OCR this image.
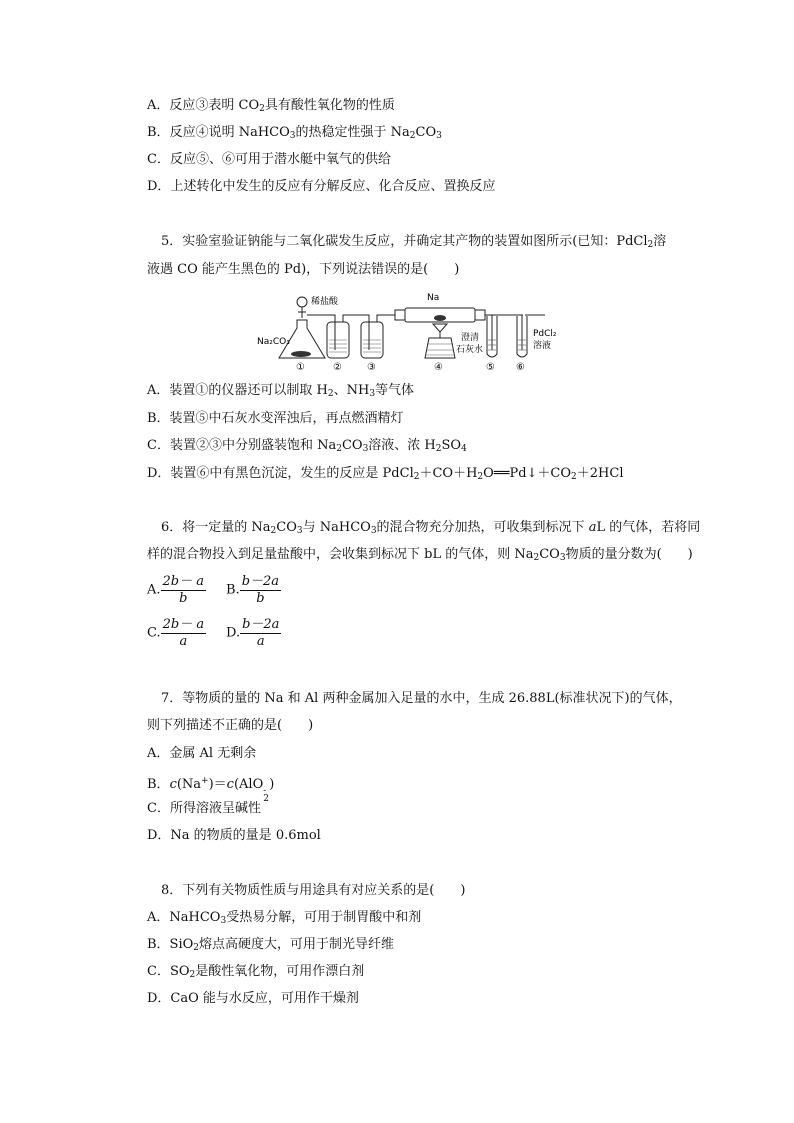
A．反应③表明 $CO_2$具有酸性氧化物的性质
B．反应④说明 NaHCO$_3$的热稳定性强于 $Na_2CO_3$
C．反应⑤、⑥可用于潜水艇中氧气的供给
D．上述转化中发生的反应有分解反应、化合反应、置换反应
5．实验室验证钠能与二氧化碳发生反应，并确定其产物的装置如图所示(已知：PdCl$_2$溶
液遇 CO 能产生黑色的 Pd)，下列说法错误的是(　　)
稀盐酸	Na
Na₂CO₃	澄清
石灰水
PdCl₂
溶液
①	②	③	④	⑤ ⑥
A．装置①的仪器还可以制取 $H_2$、$NH_3$等气体
B．装置⑤中石灰水变浑浊后，再点燃酒精灯
C．装置②③中分别盛装饱和 $Na_2CO_3$溶液、浓 $H_2SO_4$
D．装置⑥中有黑色沉淀，发生的反应是 $PdCl_2+CO+H_2O══Pd↓+CO_2+2HCl$
6．将一定量的 $Na_2CO_3$与 NaHCO$_3$的混合物充分加热，可收集到标况下 aL 的气体，若将同
样的混合物投入到足量盐酸中，会收集到标况下 bL 的气体，则 $Na_2CO_3$物质的量分数为(　　)
A. $\frac{2b- a}{b} B$. $\frac{b-2a}{b}$
C. $\frac{2b- a}{a} D$. $\frac{b-2a}{a}$
7．等物质的量的 Na 和 Al 两种金属加入足量的水中，生成 26.88L(标准状况下)的气体，
则下列描述不正确的是(　　)
A．金属 Al 无剩余
B．c(Na+)＝c(AlO -
2
)
C．所得溶液呈碱性
D．Na 的物质的量是 0.6mol
8．下列有关物质性质与用途具有对应关系的是(　　)
A．NaHCO$_3$受热易分解，可用于制胃酸中和剂
B．SiO$_2$熔点高硬度大，可用于制光导纤维
C．$SO_2$是酸性氧化物，可用作漂白剂
D．CaO 能与水反应，可用作干燥剂
